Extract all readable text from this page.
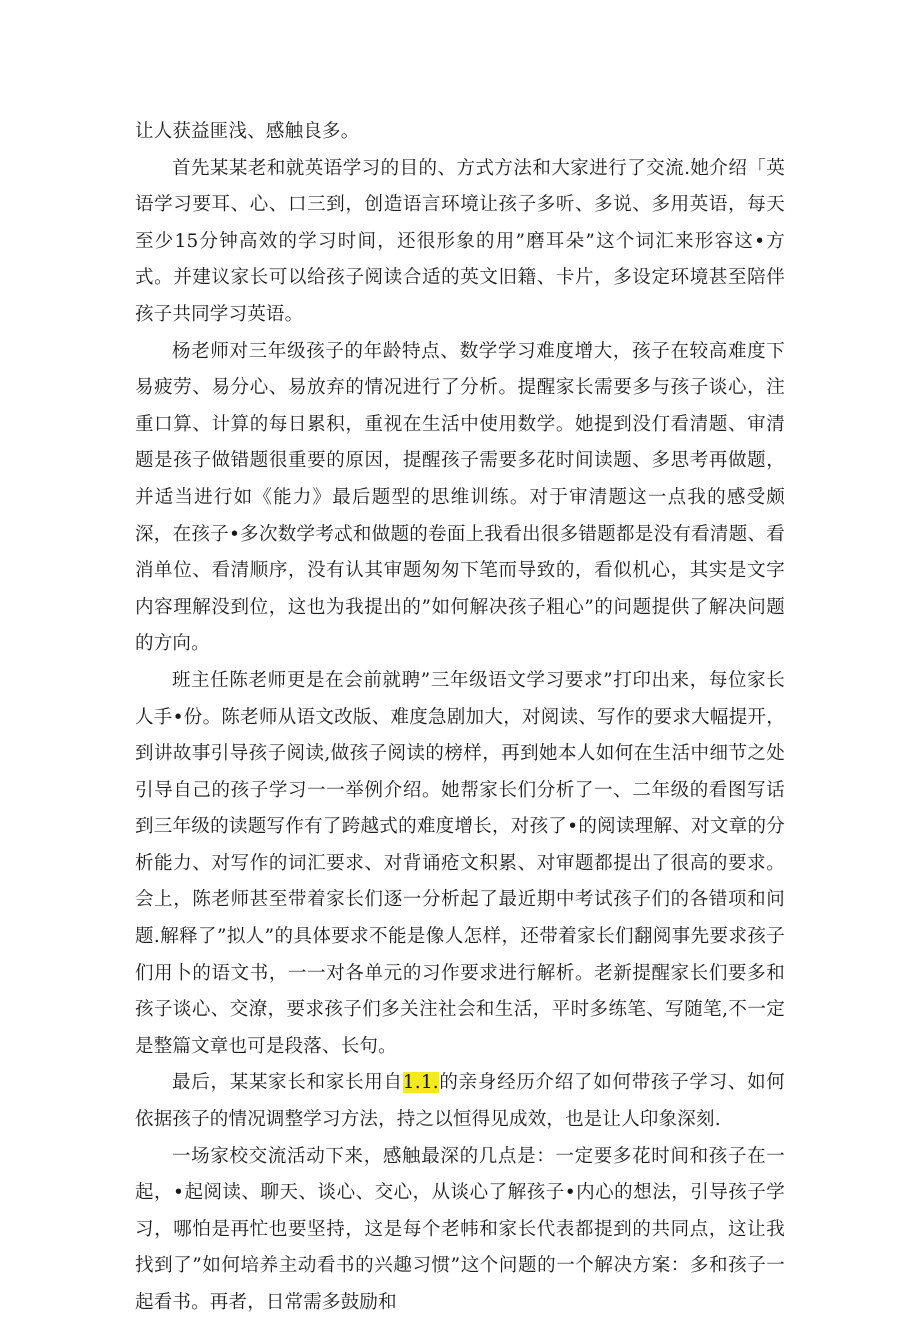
让人获益匪浅、感触良多。

首先某某老和就英语学习的目的、方式方法和大家进行了交流.她介绍「英语学习要耳、心、口三到，创造语言环境让孩子多听、多说、多用英语，每天至少15分钟高效的学习时间，还很形象的用”磨耳朵”这个词汇来形容这•方式。并建议家长可以给孩子阅读合适的英文旧籍、卡片，多设定环境甚至陪伴孩子共同学习英语。

杨老师对三年级孩子的年龄特点、数学学习难度增大，孩子在较高难度下易疲劳、易分心、易放弃的情况进行了分析。提醒家长需要多与孩子谈心，注重口算、计算的每日累积，重视在生活中使用数学。她提到没仃看清题、审清题是孩子做错题很重要的原因，提醒孩子需要多花时间读题、多思考再做题，并适当进行如《能力》最后题型的思维训练。对于审清题这一点我的感受颇深，在孩子•多次数学考忒和做题的卷面上我看出很多错题都是没有看清题、看消单位、看清顺序，没有认其审题匆匆下笔而导致的，看似机心，其实是文字内容理解没到位，这也为我提出的”如何解决孩子粗心”的问题提供了解决问题的方向。

班主任陈老师更是在会前就聘”三年级语文学习要求”打印出来，每位家长人手•份。陈老师从语文改版、难度急剧加大，对阅读、写作的要求大幅提开，到讲故事引导孩子阅读,做孩子阅读的榜样，再到她本人如何在生活中细节之处引导自己的孩子学习一一举例介绍。她帮家长们分析了一、二年级的看图写话到三年级的读题写作有了跨越式的难度增长，对孩了•的阅读理解、对文章的分析能力、对写作的词汇要求、对背诵疮文积累、对审题都提出了很高的要求。会上，陈老师甚至带着家长们逐一分析起了最近期中考试孩子们的各错项和问题.解释了”拟人”的具体要求不能是像人怎样，还带着家长们翻阅事先要求孩子们用卜的语文书，一一对各单元的习作要求进行解析。老新提醒家长们要多和孩子谈心、交潦，要求孩子们多关注社会和生活，平时多练笔、写随笔,不一定是整篇文章也可是段落、长句。

最后，某某家长和家长用自1.1.的亲身经历介绍了如何带孩子学习、如何依据孩子的情况调整学习方法，持之以恒得见成效，也是让人印象深刻.

一场家校交流活动下来，感触最深的几点是：一定要多花时间和孩子在一起，•起阅读、聊天、谈心、交心，从谈心了解孩子•内心的想法，引导孩子学习，哪怕是再忙也要坚持，这是每个老帏和家长代表都提到的共同点，这让我找到了”如何培养主动看书的兴趣习惯”这个问题的一个解决方案：多和孩子一起看书。再者，日常需多鼓励和
